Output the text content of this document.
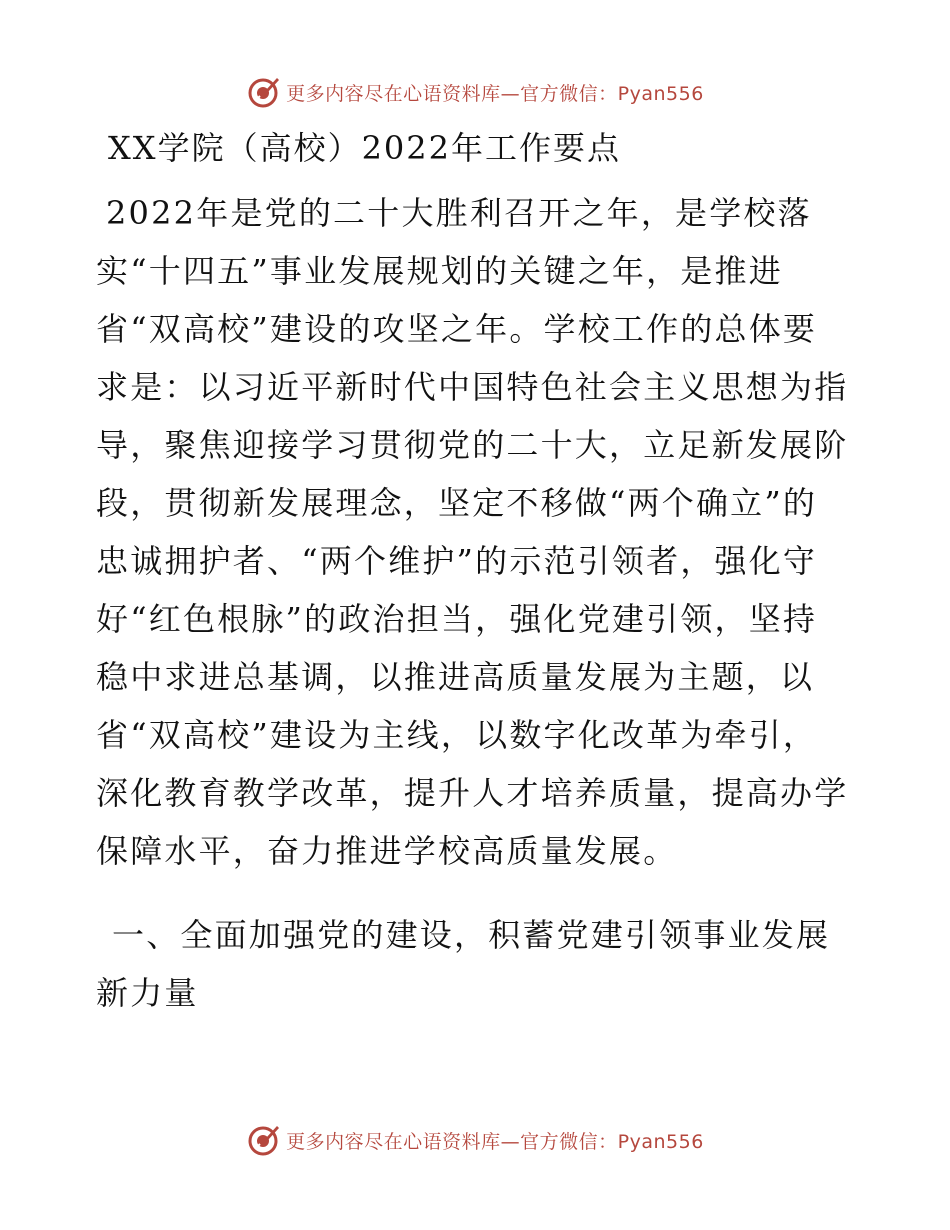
更多内容尽在心语资料库—官方微信：Pyan556
XX学院（高校）2022年工作要点

2022年是党的二十大胜利召开之年，是学校落
实“十四五”事业发展规划的关键之年，是推进
省“双高校”建设的攻坚之年。学校工作的总体要
求是：以习近平新时代中国特色社会主义思想为指
导，聚焦迎接学习贯彻党的二十大，立足新发展阶
段，贯彻新发展理念，坚定不移做“两个确立”的
忠诚拥护者、“两个维护”的示范引领者，强化守
好“红色根脉”的政治担当，强化党建引领，坚持
稳中求进总基调，以推进高质量发展为主题，以
省“双高校”建设为主线，以数字化改革为牵引，
深化教育教学改革，提升人才培养质量，提高办学
保障水平，奋力推进学校高质量发展。

一、全面加强党的建设，积蓄党建引领事业发展
新力量

更多内容尽在心语资料库—官方微信：Pyan556
